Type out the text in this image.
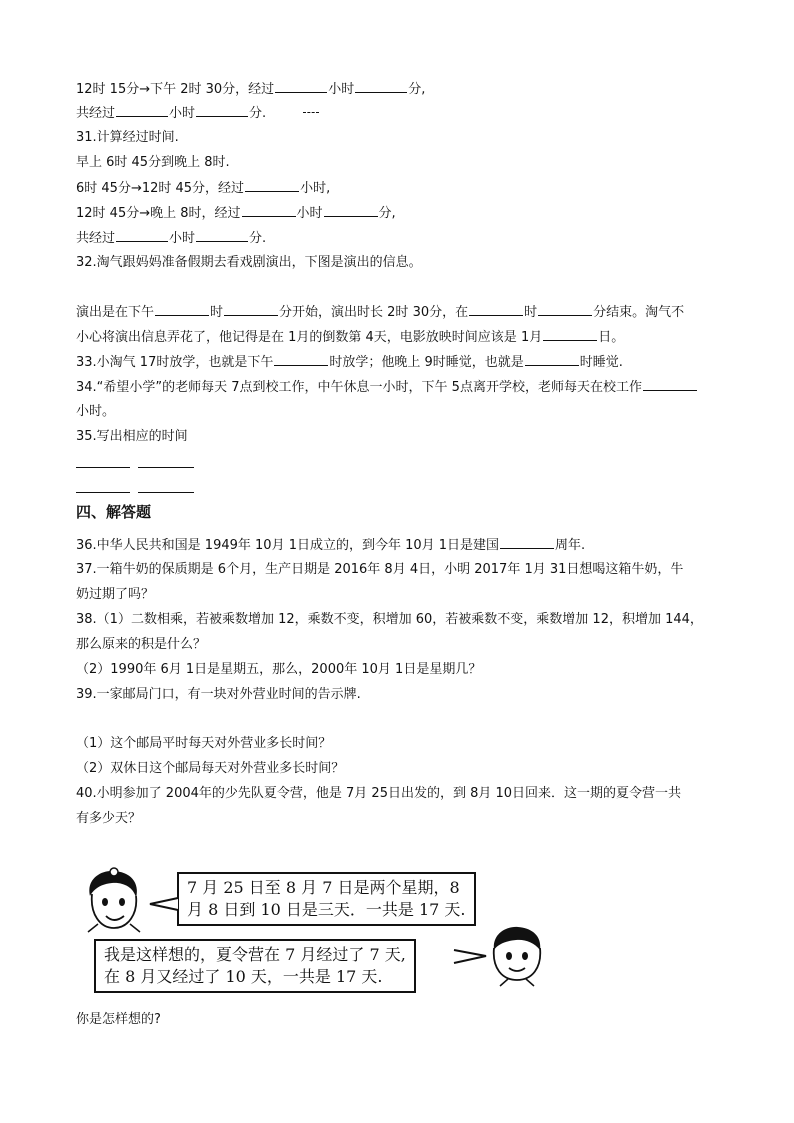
12时 15分→下午 2时 30分，经过	小时	分,
共经过	小时	分.
31.计算经过时间.
早上 6时 45分到晚上 8时.
6时 45分→12时 45分，经过	小时,
12时 45分→晚上 8时，经过	小时	分,
共经过	小时	分.
32.淘气跟妈妈准备假期去看戏剧演出，下图是演出的信息。
演出是在下午	时	分开始，演出时长 2时 30分，在	时	分结束。淘气不
小心将演出信息弄花了，他记得是在 1月的倒数第 4天，电影放映时间应该是 1月	日。
33.小淘气 17时放学，也就是下午	时放学；他晚上 9时睡觉，也就是	时睡觉.
34.“希望小学”的老师每天 7点到校工作，中午休息一小时，下午 5点离开学校，老师每天在校工作
小时。
35.写出相应的时间
四、解答题
36.中华人民共和国是 1949年 10月 1日成立的，到今年 10月 1日是建国	周年.
37.一箱牛奶的保质期是 6个月，生产日期是 2016年 8月 4日，小明 2017年 1月 31日想喝这箱牛奶，牛
奶过期了吗？
38.（1）二数相乘，若被乘数增加 12，乘数不变，积增加 60，若被乘数不变，乘数增加 12，积增加 144，
那么原来的积是什么？
（2）1990年 6月 1日是星期五，那么，2000年 10月 1日是星期几？
39.一家邮局门口，有一块对外营业时间的告示牌.
（1）这个邮局平时每天对外营业多长时间？
（2）双休日这个邮局每天对外营业多长时间？
40.小明参加了 2004年的少先队夏令营，他是 7月 25日出发的，到 8月 10日回来．这一期的夏令营一共
有多少天？
7 月 25 日至 8 月 7 日是两个星期，8
月 8 日到 10 日是三天．一共是 17 天.
我是这样想的，夏令营在 7 月经过了 7 天,
在 8 月又经过了 10 天，一共是 17 天.
你是怎样想的?
